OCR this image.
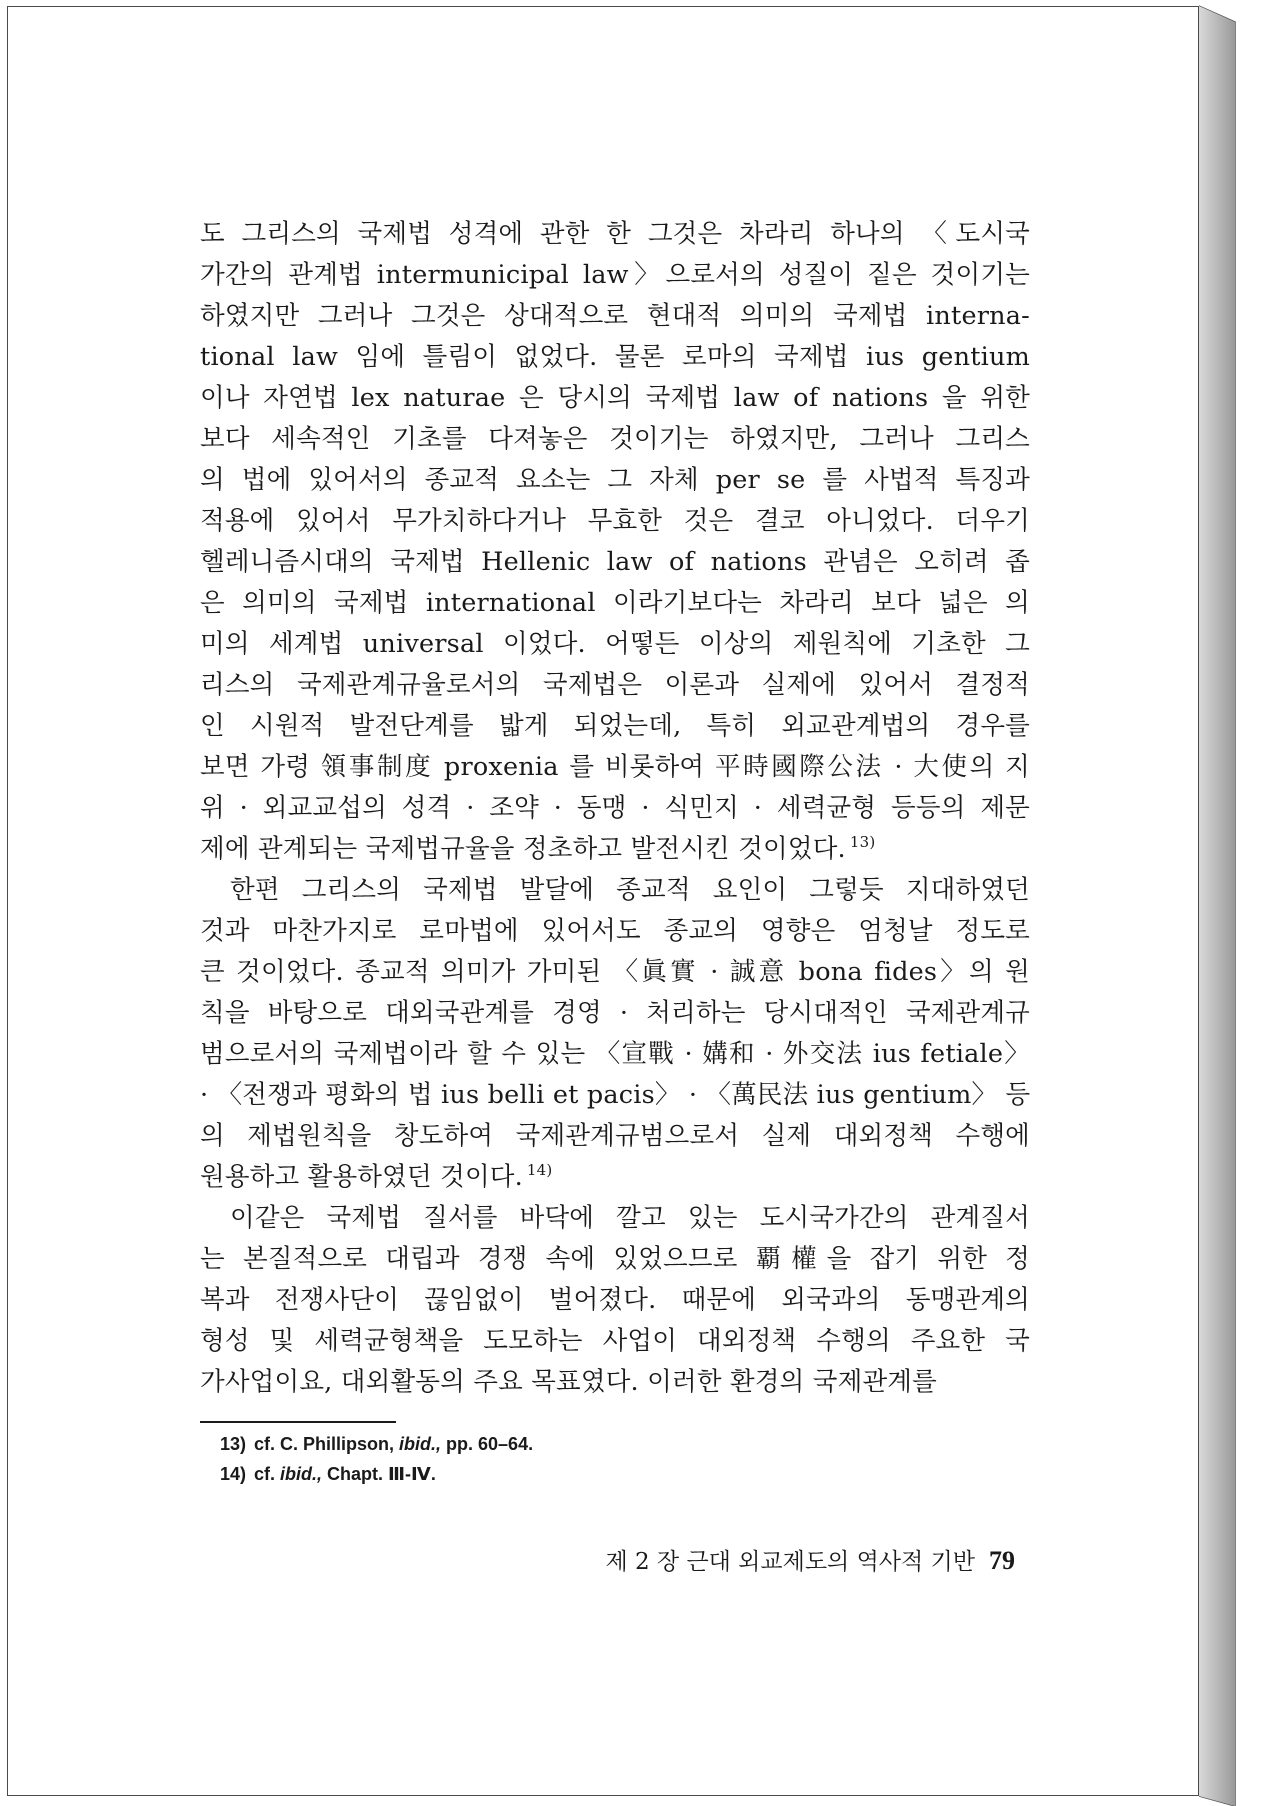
도 그리스의 국제법 성격에 관한 한 그것은 차라리 하나의 〈도시국
가간의 관계법 intermunicipal law〉으로서의 성질이 짙은 것이기는
하였지만 그러나 그것은 상대적으로 현대적 의미의 국제법 interna-
tional law 임에 틀림이 없었다. 물론 로마의 국제법 ius gentium
이나 자연법 lex naturae 은 당시의 국제법 law of nations 을 위한
보다 세속적인 기초를 다져놓은 것이기는 하였지만, 그러나 그리스
의 법에 있어서의 종교적 요소는 그 자체 per se 를 사법적 특징과
적용에 있어서 무가치하다거나 무효한 것은 결코 아니었다. 더우기
헬레니즘시대의 국제법 Hellenic law of nations 관념은 오히려 좁
은 의미의 국제법 international 이라기보다는 차라리 보다 넓은 의
미의 세계법 universal 이었다. 어떻든 이상의 제원칙에 기초한 그
리스의 국제관계규율로서의 국제법은 이론과 실제에 있어서 결정적
인 시원적 발전단계를 밟게 되었는데, 특히 외교관계법의 경우를
보면 가령 領事制度 proxenia 를 비롯하여 平時國際公法 · 大使의 지
위 · 외교교섭의 성격 · 조약 · 동맹 · 식민지 · 세력균형 등등의 제문
제에 관계되는 국제법규율을 정초하고 발전시킨 것이었다. $^{13)}$
한편 그리스의 국제법 발달에 종교적 요인이 그렇듯 지대하였던
것과 마찬가지로 로마법에 있어서도 종교의 영향은 엄청날 정도로
큰 것이었다. 종교적 의미가 가미된 〈眞實 · 誠意 bona fides〉의 원
칙을 바탕으로 대외국관계를 경영 · 처리하는 당시대적인 국제관계규
범으로서의 국제법이라 할 수 있는 〈宣戰 · 媾和 · 外交法 ius fetiale〉
· 〈전쟁과 평화의 법 ius belli et pacis〉 · 〈萬民法 ius gentium〉 등
의 제법원칙을 창도하여 국제관계규범으로서 실제 대외정책 수행에
원용하고 활용하였던 것이다. $^{14)}$
이같은 국제법 질서를 바닥에 깔고 있는 도시국가간의 관계질서
는 본질적으로 대립과 경쟁 속에 있었으므로 覇權을 잡기 위한 정
복과 전쟁사단이 끊임없이 벌어졌다. 때문에 외국과의 동맹관계의
형성 및 세력균형책을 도모하는 사업이 대외정책 수행의 주요한 국
가사업이요, 대외활동의 주요 목표였다. 이러한 환경의 국제관계를
13) cf. C. Phillipson, ibid., pp. 60–64.
14) cf. ibid., Chapt. Ⅲ-Ⅳ.
제 2 장 근대 외교제도의 역사적 기반 79
